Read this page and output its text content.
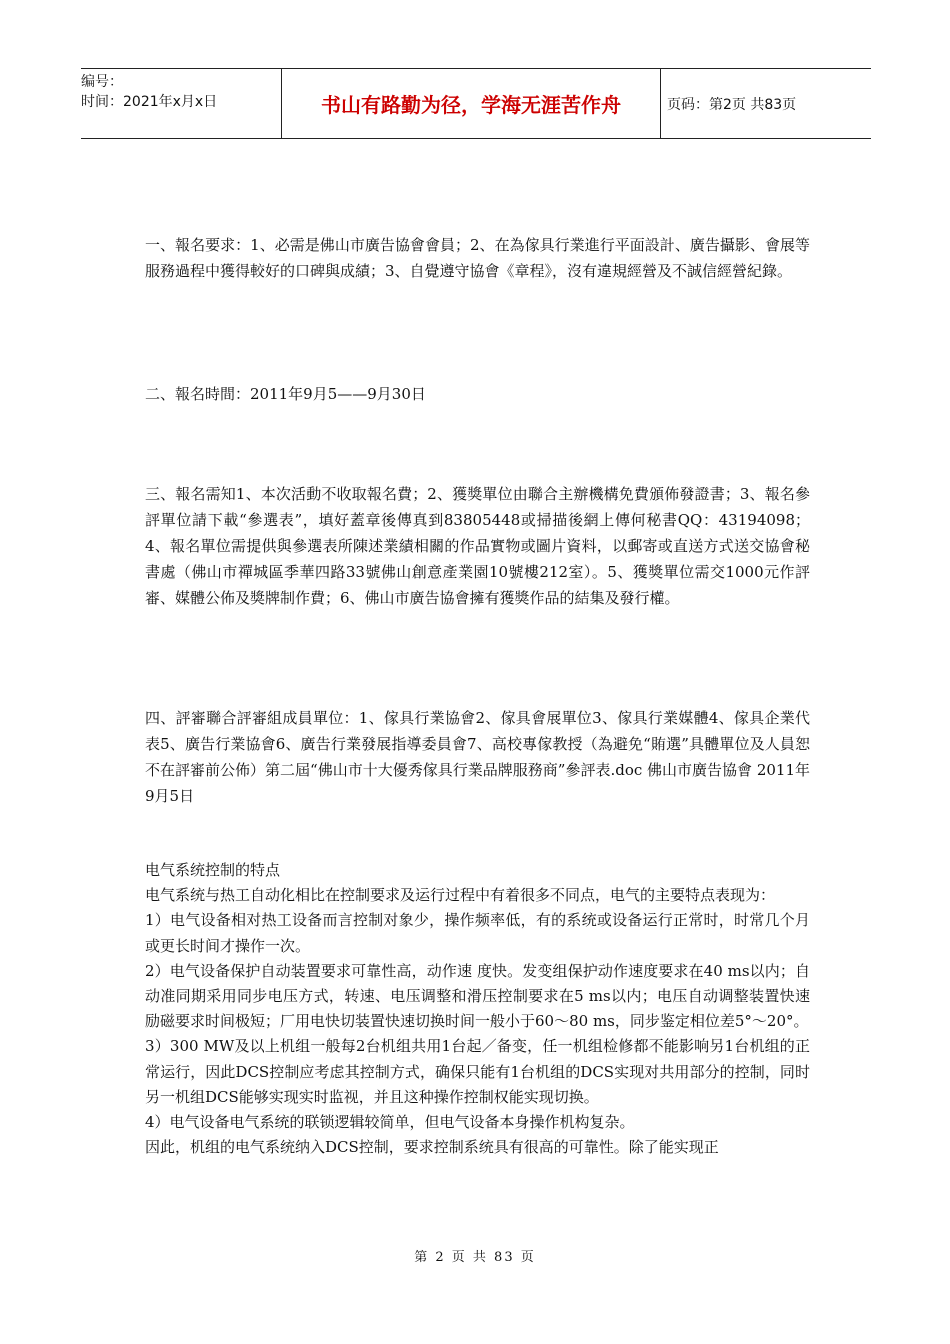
编号：
时间：2021年x月x日	书山有路勤为径，学海无涯苦作舟	页码：第2页 共83页

一、報名要求：1、必需是佛山市廣告協會會員；2、在為傢具行業進行平面設計、廣告攝影、會展等服務過程中獲得較好的口碑與成績；3、自覺遵守協會《章程》，沒有違規經營及不誠信經營紀錄。

二、報名時間：2011年9月5——9月30日

三、報名需知1、本次活動不收取報名費；2、獲獎單位由聯合主辦機構免費頒佈發證書；3、報名參評單位請下載“參選表”，填好蓋章後傳真到83805448或掃描後網上傳何秘書QQ：43194098；4、報名單位需提供與參選表所陳述業績相關的作品實物或圖片資料，以郵寄或直送方式送交協會秘書處（佛山市禪城區季華四路33號佛山創意產業園10號樓212室）。5、獲獎單位需交1000元作評審、媒體公佈及獎牌制作費；6、佛山市廣告協會擁有獲獎作品的結集及發行權。

四、評審聯合評審組成員單位：1、傢具行業協會2、傢具會展單位3、傢具行業媒體4、傢具企業代表5、廣告行業協會6、廣告行業發展指導委員會7、高校專傢教授（為避免“賄選”具體單位及人員恕不在評審前公佈）第二屆“佛山市十大優秀傢具行業品牌服務商”參評表.doc 佛山市廣告協會 2011年9月5日

电气系统控制的特点

电气系统与热工自动化相比在控制要求及运行过程中有着很多不同点，电气的主要特点表现为：

1）电气设备相对热工设备而言控制对象少，操作频率低，有的系统或设备运行正常时，时常几个月或更长时间才操作一次。

2）电气设备保护自动装置要求可靠性高，动作速 度快。发变组保护动作速度要求在40 ms以内；自动准同期采用同步电压方式，转速、电压调整和滑压控制要求在5 ms以内；电压自动调整装置快速励磁要求时间极短；厂用电快切装置快速切换时间一般小于60～80 ms，同步鉴定相位差5°～20°。

3）300 MW及以上机组一般每2台机组共用1台起／备变，任一机组检修都不能影响另1台机组的正常运行，因此DCS控制应考虑其控制方式，确保只能有1台机组的DCS实现对共用部分的控制，同时另一机组DCS能够实现实时监视，并且这种操作控制权能实现切换。

4）电气设备电气系统的联锁逻辑较简单，但电气设备本身操作机构复杂。

因此，机组的电气系统纳入DCS控制，要求控制系统具有很高的可靠性。除了能实现正

第 2 页 共 83 页
